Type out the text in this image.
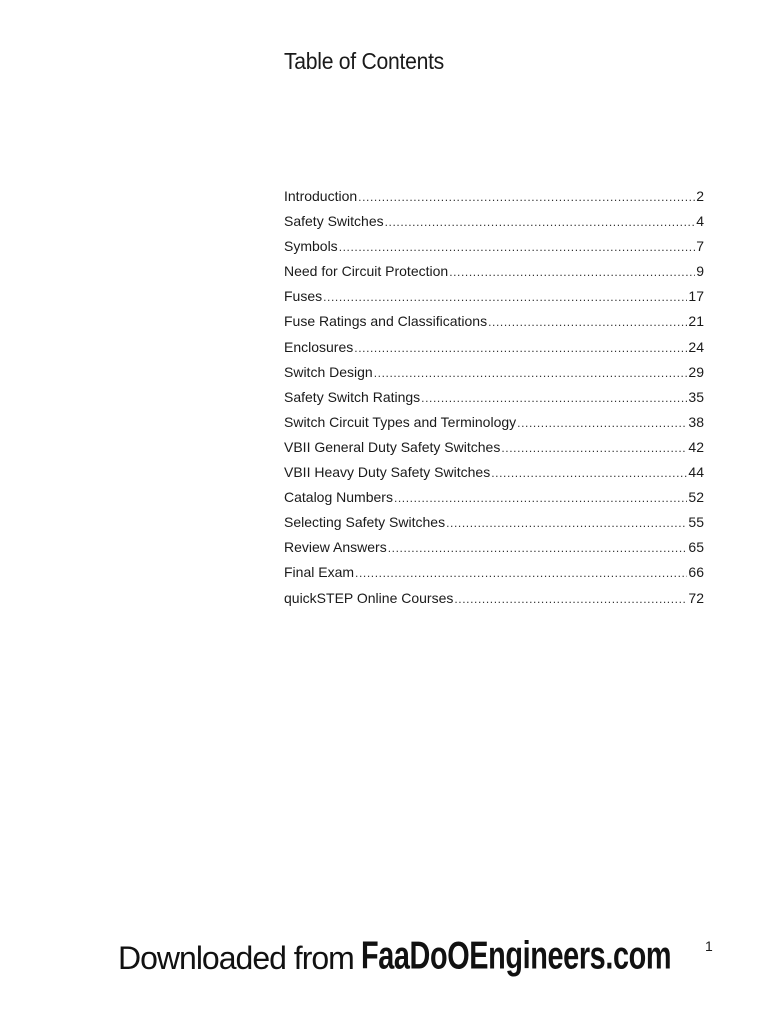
Table of Contents
Introduction .....	2
Safety Switches .....	4
Symbols .....	7
Need for Circuit Protection .....	9
Fuses .....	17
Fuse Ratings and Classifications .....	21
Enclosures .....	24
Switch Design .....	29
Safety Switch Ratings .....	35
Switch Circuit Types and Terminology .....	38
VBII General Duty Safety Switches .....	42
VBII Heavy Duty Safety Switches .....	44
Catalog Numbers .....	52
Selecting Safety Switches .....	55
Review Answers .....	65
Final Exam .....	66
quickSTEP Online Courses .....	72
Downloaded from FaaDoOEngineers.com 1
